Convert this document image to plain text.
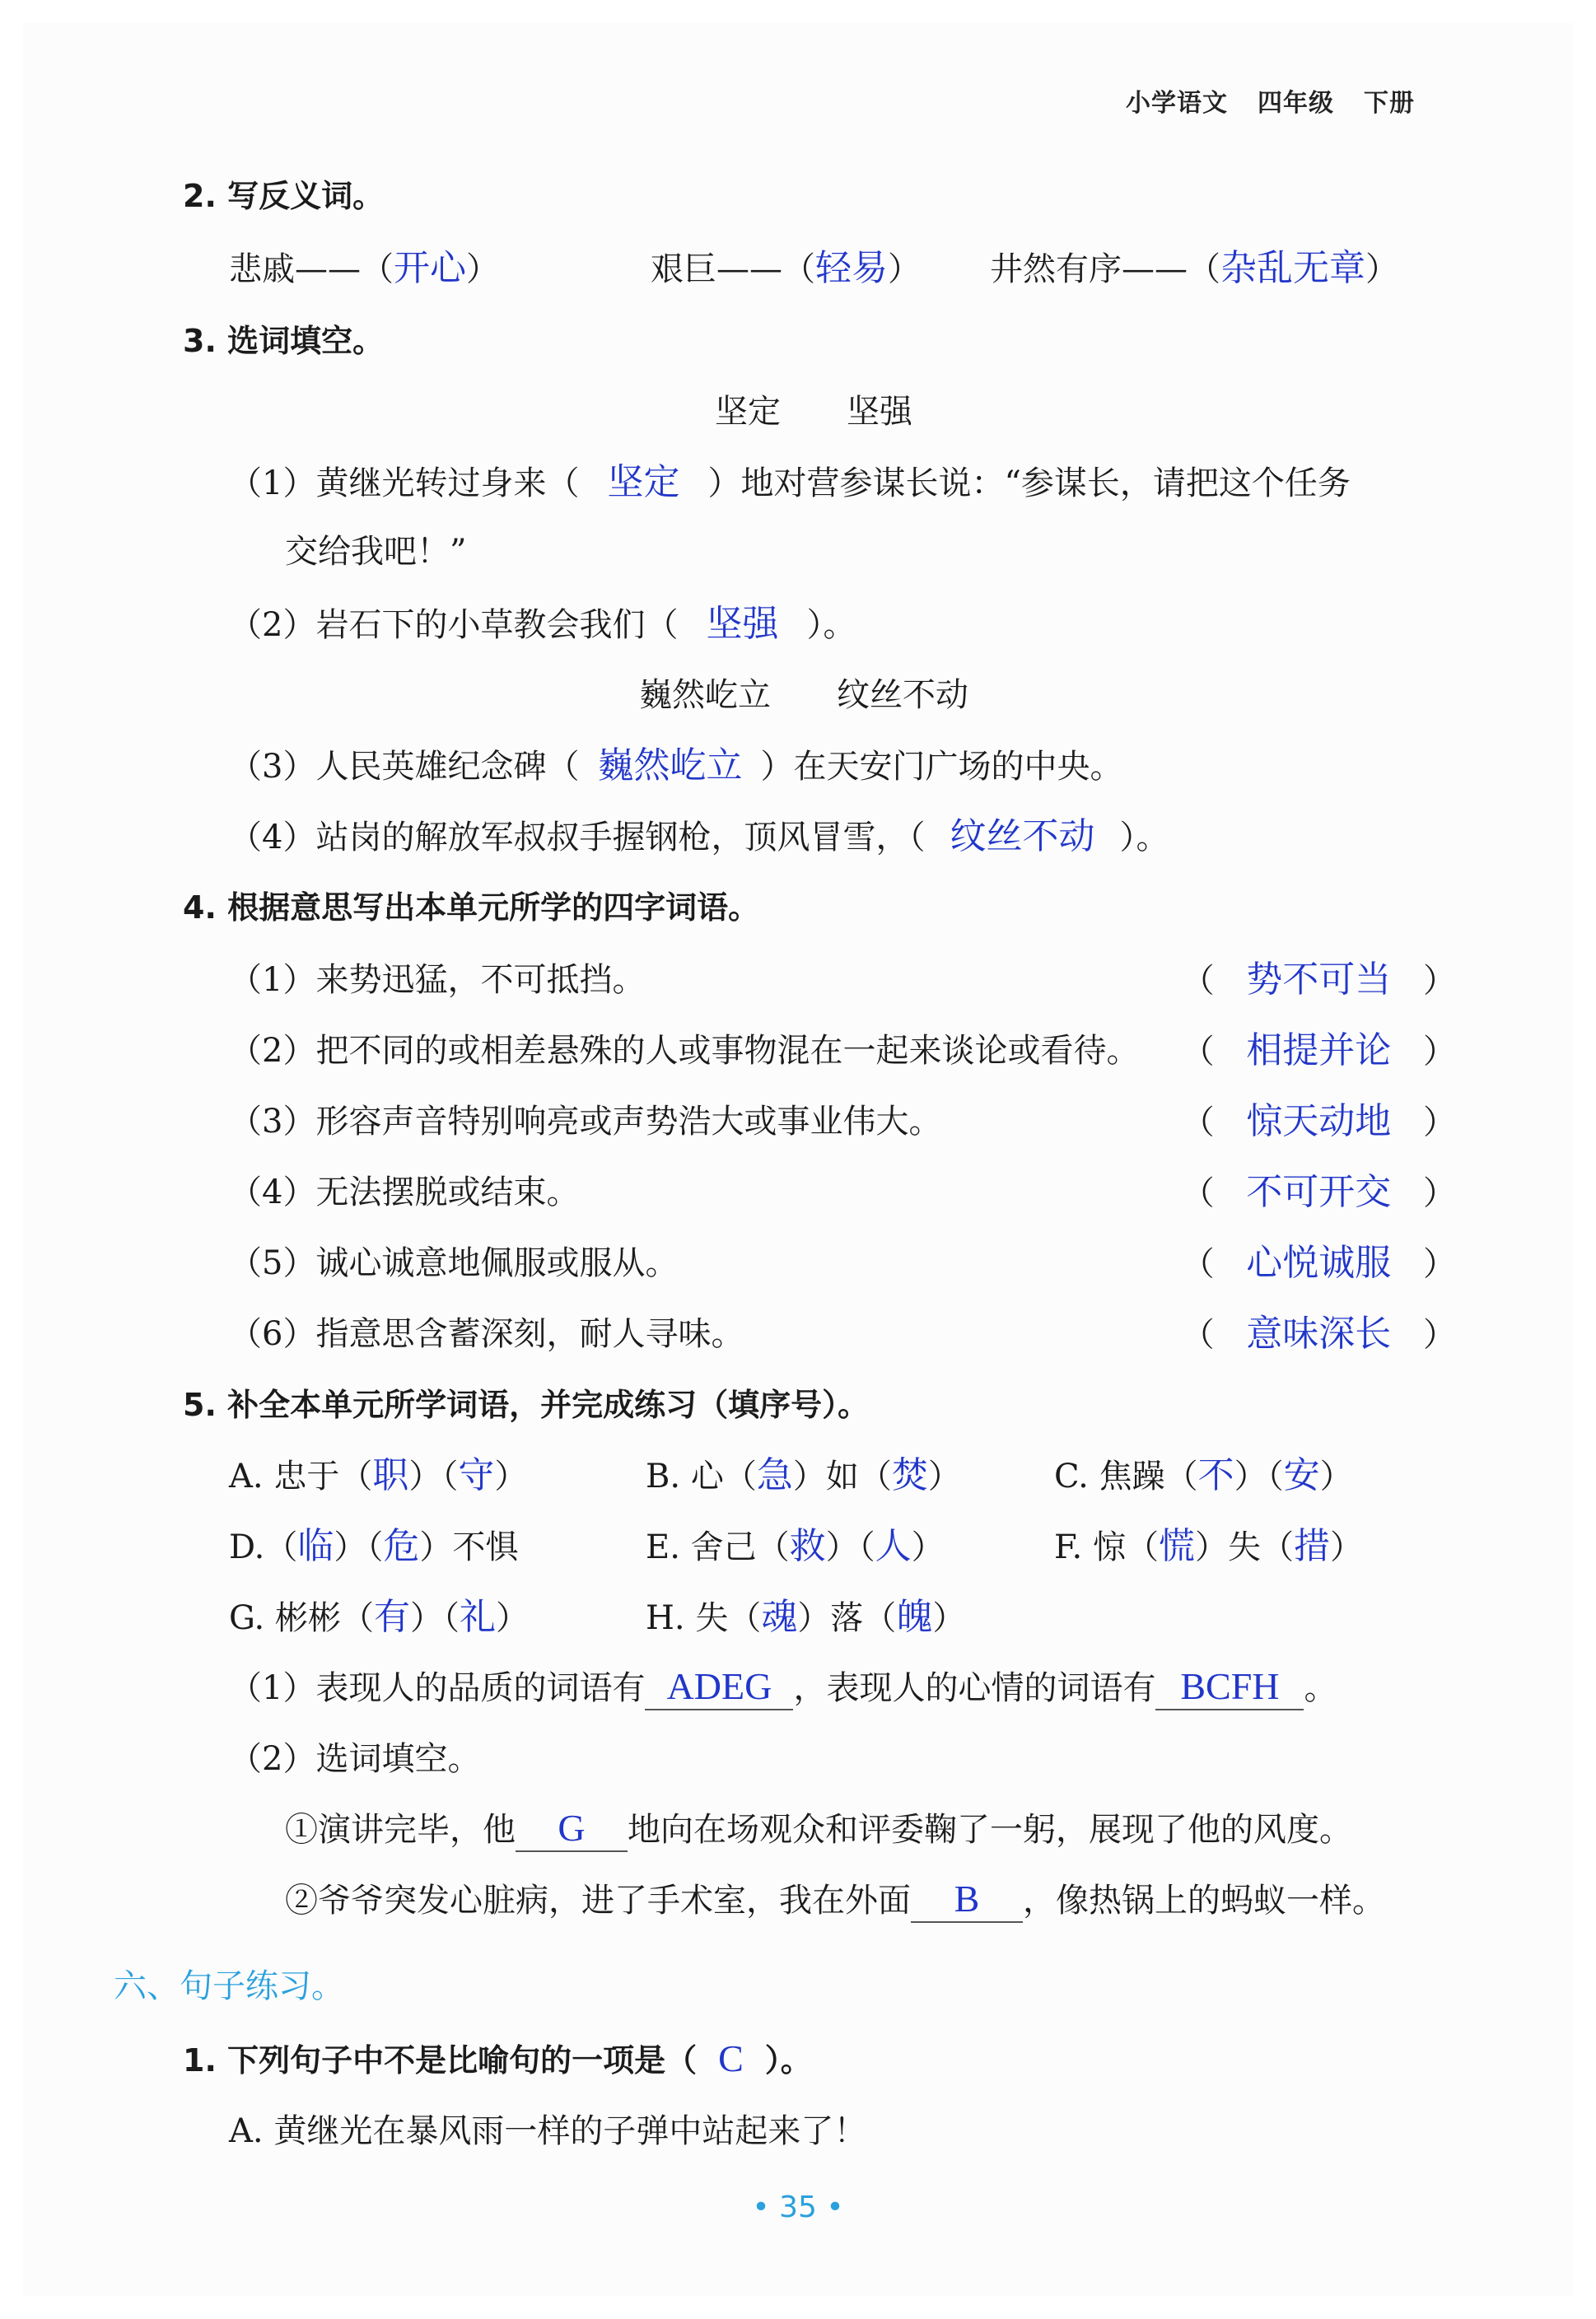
小学语文 四年级 下册
2. 写反义词。
悲戚——（开心）	艰巨——（轻易） 井然有序——（杂乱无章）
3. 选词填空。
坚定　　坚强
（1）黄继光转过身来（ 坚定 ）地对营参谋长说：“参谋长，请把这个任务
交给我吧！”
（2）岩石下的小草教会我们（ 坚强 ）。
巍然屹立　　纹丝不动
（3）人民英雄纪念碑（ 巍然屹立 ）在天安门广场的中央。
（4）站岗的解放军叔叔手握钢枪，顶风冒雪，（ 纹丝不动 ）。
4. 根据意思写出本单元所学的四字词语。
（1）来势迅猛，不可抵挡。	（ 势不可当 ）
（2）把不同的或相差悬殊的人或事物混在一起来谈论或看待。 （ 相提并论 ）
（3）形容声音特别响亮或声势浩大或事业伟大。	（ 惊天动地 ）
（4）无法摆脱或结束。	（ 不可开交 ）
（5）诚心诚意地佩服或服从。	（ 心悦诚服 ）
（6）指意思含蓄深刻，耐人寻味。	（ 意味深长 ）
5. 补全本单元所学词语，并完成练习（填序号）。
A. 忠于（职）（守）	B. 心（急）如（焚）	C. 焦躁（不）（安）
D.（临）（危）不惧	E. 舍己（救）（人）	F. 惊（慌）失（措）
G. 彬彬（有）（礼）	H. 失（魂）落（魄）
（1）表现人的品质的词语有 ADEG ，表现人的心情的词语有 BCFH 。
（2）选词填空。
①演讲完毕，他 G 地向在场观众和评委鞠了一躬，展现了他的风度。
②爷爷突发心脏病，进了手术室，我在外面 B ，像热锅上的蚂蚁一样。
六、句子练习。
1. 下列句子中不是比喻句的一项是（ C ）。
A. 黄继光在暴风雨一样的子弹中站起来了！
• 35 •
